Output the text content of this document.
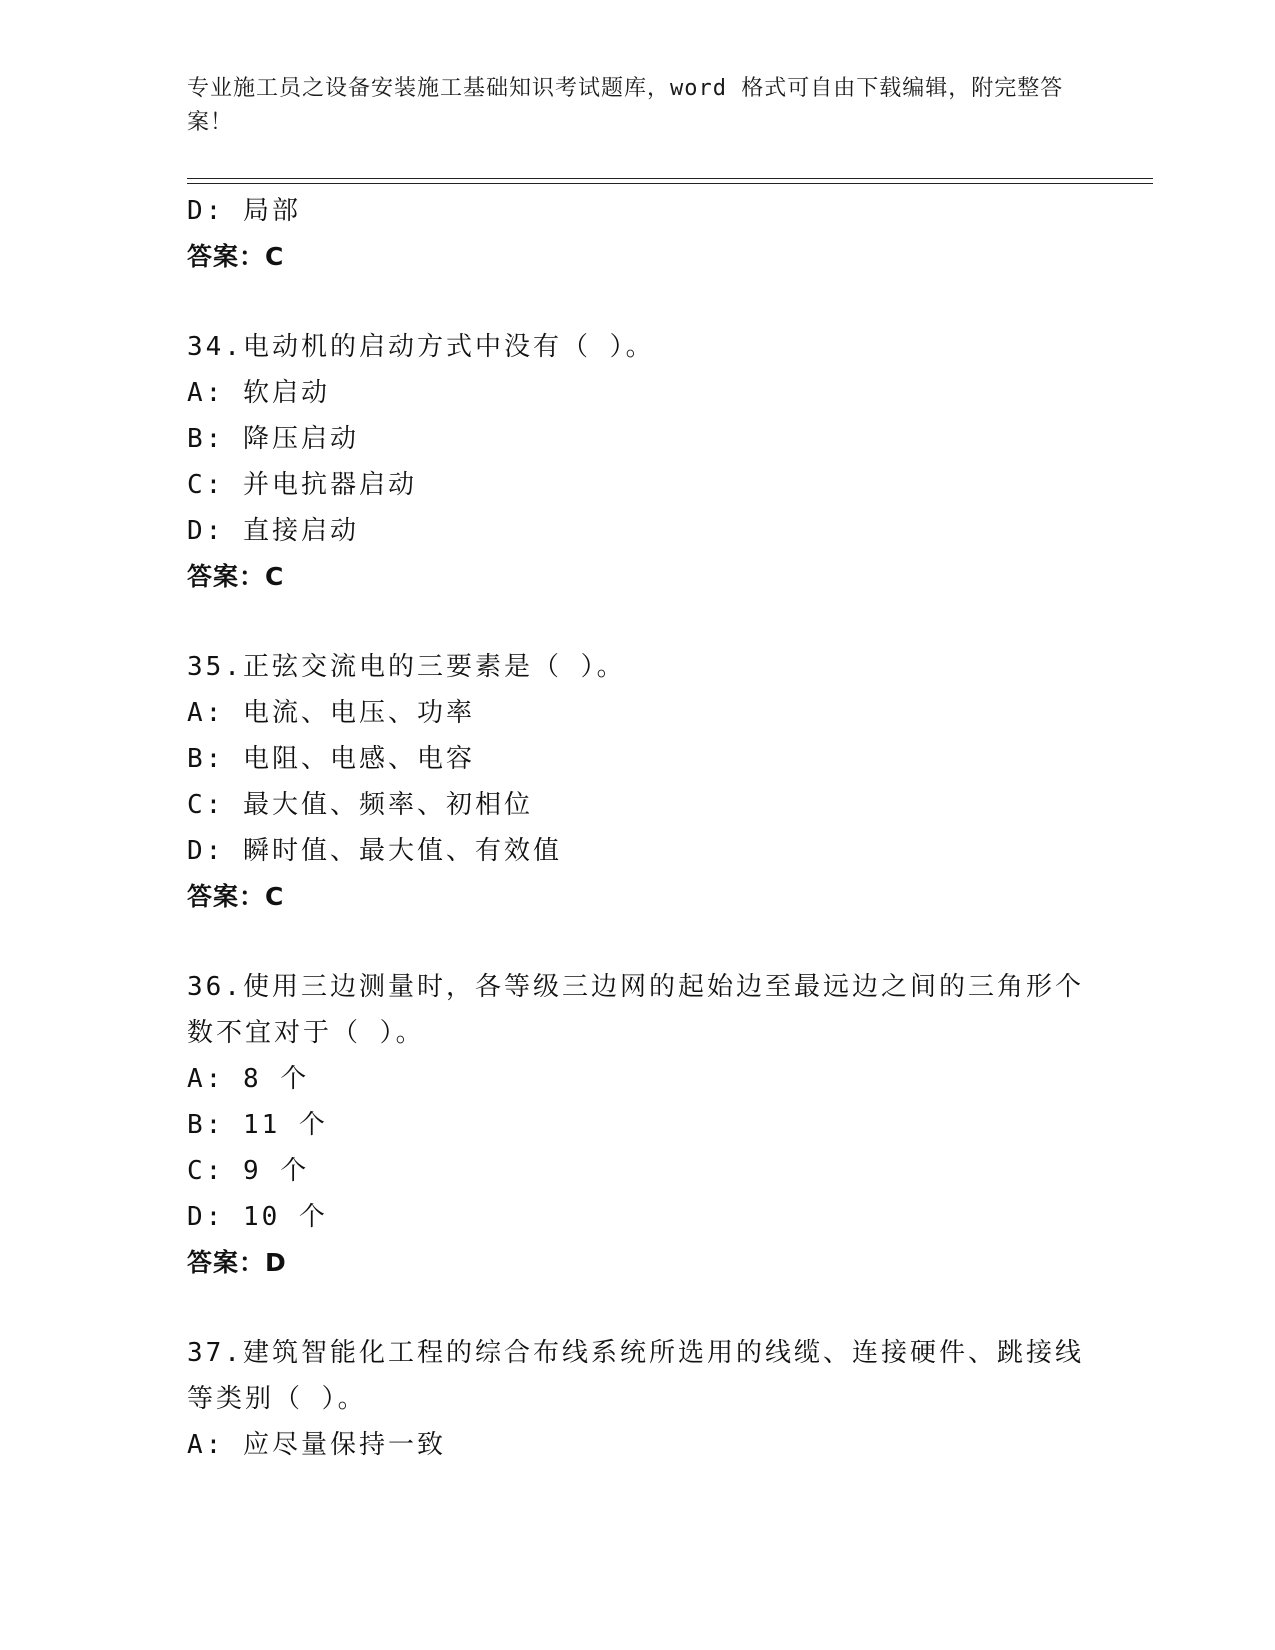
专业施工员之设备安装施工基础知识考试题库，word 格式可自由下载编辑，附完整答案！
D: 局部
答案：C
34.电动机的启动方式中没有（ ）。
A: 软启动
B: 降压启动
C: 并电抗器启动
D: 直接启动
答案：C
35.正弦交流电的三要素是（ ）。
A: 电流、电压、功率
B: 电阻、电感、电容
C: 最大值、频率、初相位
D: 瞬时值、最大值、有效值
答案：C
36.使用三边测量时，各等级三边网的起始边至最远边之间的三角形个数不宜对于（ ）。
A: 8 个
B: 11 个
C: 9 个
D: 10 个
答案：D
37.建筑智能化工程的综合布线系统所选用的线缆、连接硬件、跳接线等类别（ ）。
A: 应尽量保持一致
